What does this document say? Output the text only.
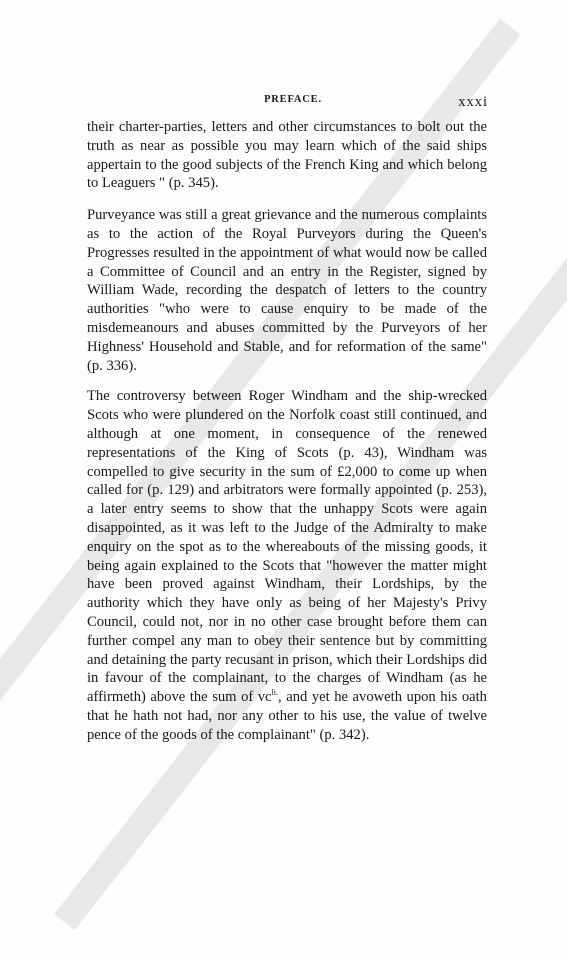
PREFACE.	xxxi

their charter-parties, letters and other circumstances to bolt out the truth as near as possible you may learn which of the said ships appertain to the good subjects of the French King and which belong to Leaguers " (p. 345).

Purveyance was still a great grievance and the numerous complaints as to the action of the Royal Purveyors during the Queen's Progresses resulted in the appointment of what would now be called a Committee of Council and an entry in the Register, signed by William Wade, recording the despatch of letters to the country authorities "who were to cause enquiry to be made of the misdemeanours and abuses committed by the Purveyors of her Highness' Household and Stable, and for reformation of the same" (p. 336).

The controversy between Roger Windham and the ship-wrecked Scots who were plundered on the Norfolk coast still continued, and although at one moment, in consequence of the renewed representations of the King of Scots (p. 43), Windham was compelled to give security in the sum of £2,000 to come up when called for (p. 129) and arbitrators were formally appointed (p. 253), a later entry seems to show that the unhappy Scots were again disappointed, as it was left to the Judge of the Admiralty to make enquiry on the spot as to the whereabouts of the missing goods, it being again explained to the Scots that "however the matter might have been proved against Windham, their Lordships, by the authority which they have only as being of her Majesty's Privy Council, could not, nor in no other case brought before them can further compel any man to obey their sentence but by committing and detaining the party recusant in prison, which their Lordships did in favour of the complainant, to the charges of Windham (as he affirmeth) above the sum of $vc^{li.}$, and yet he avoweth upon his oath that he hath not had, nor any other to his use, the value of twelve pence of the goods of the complainant" (p. 342).
